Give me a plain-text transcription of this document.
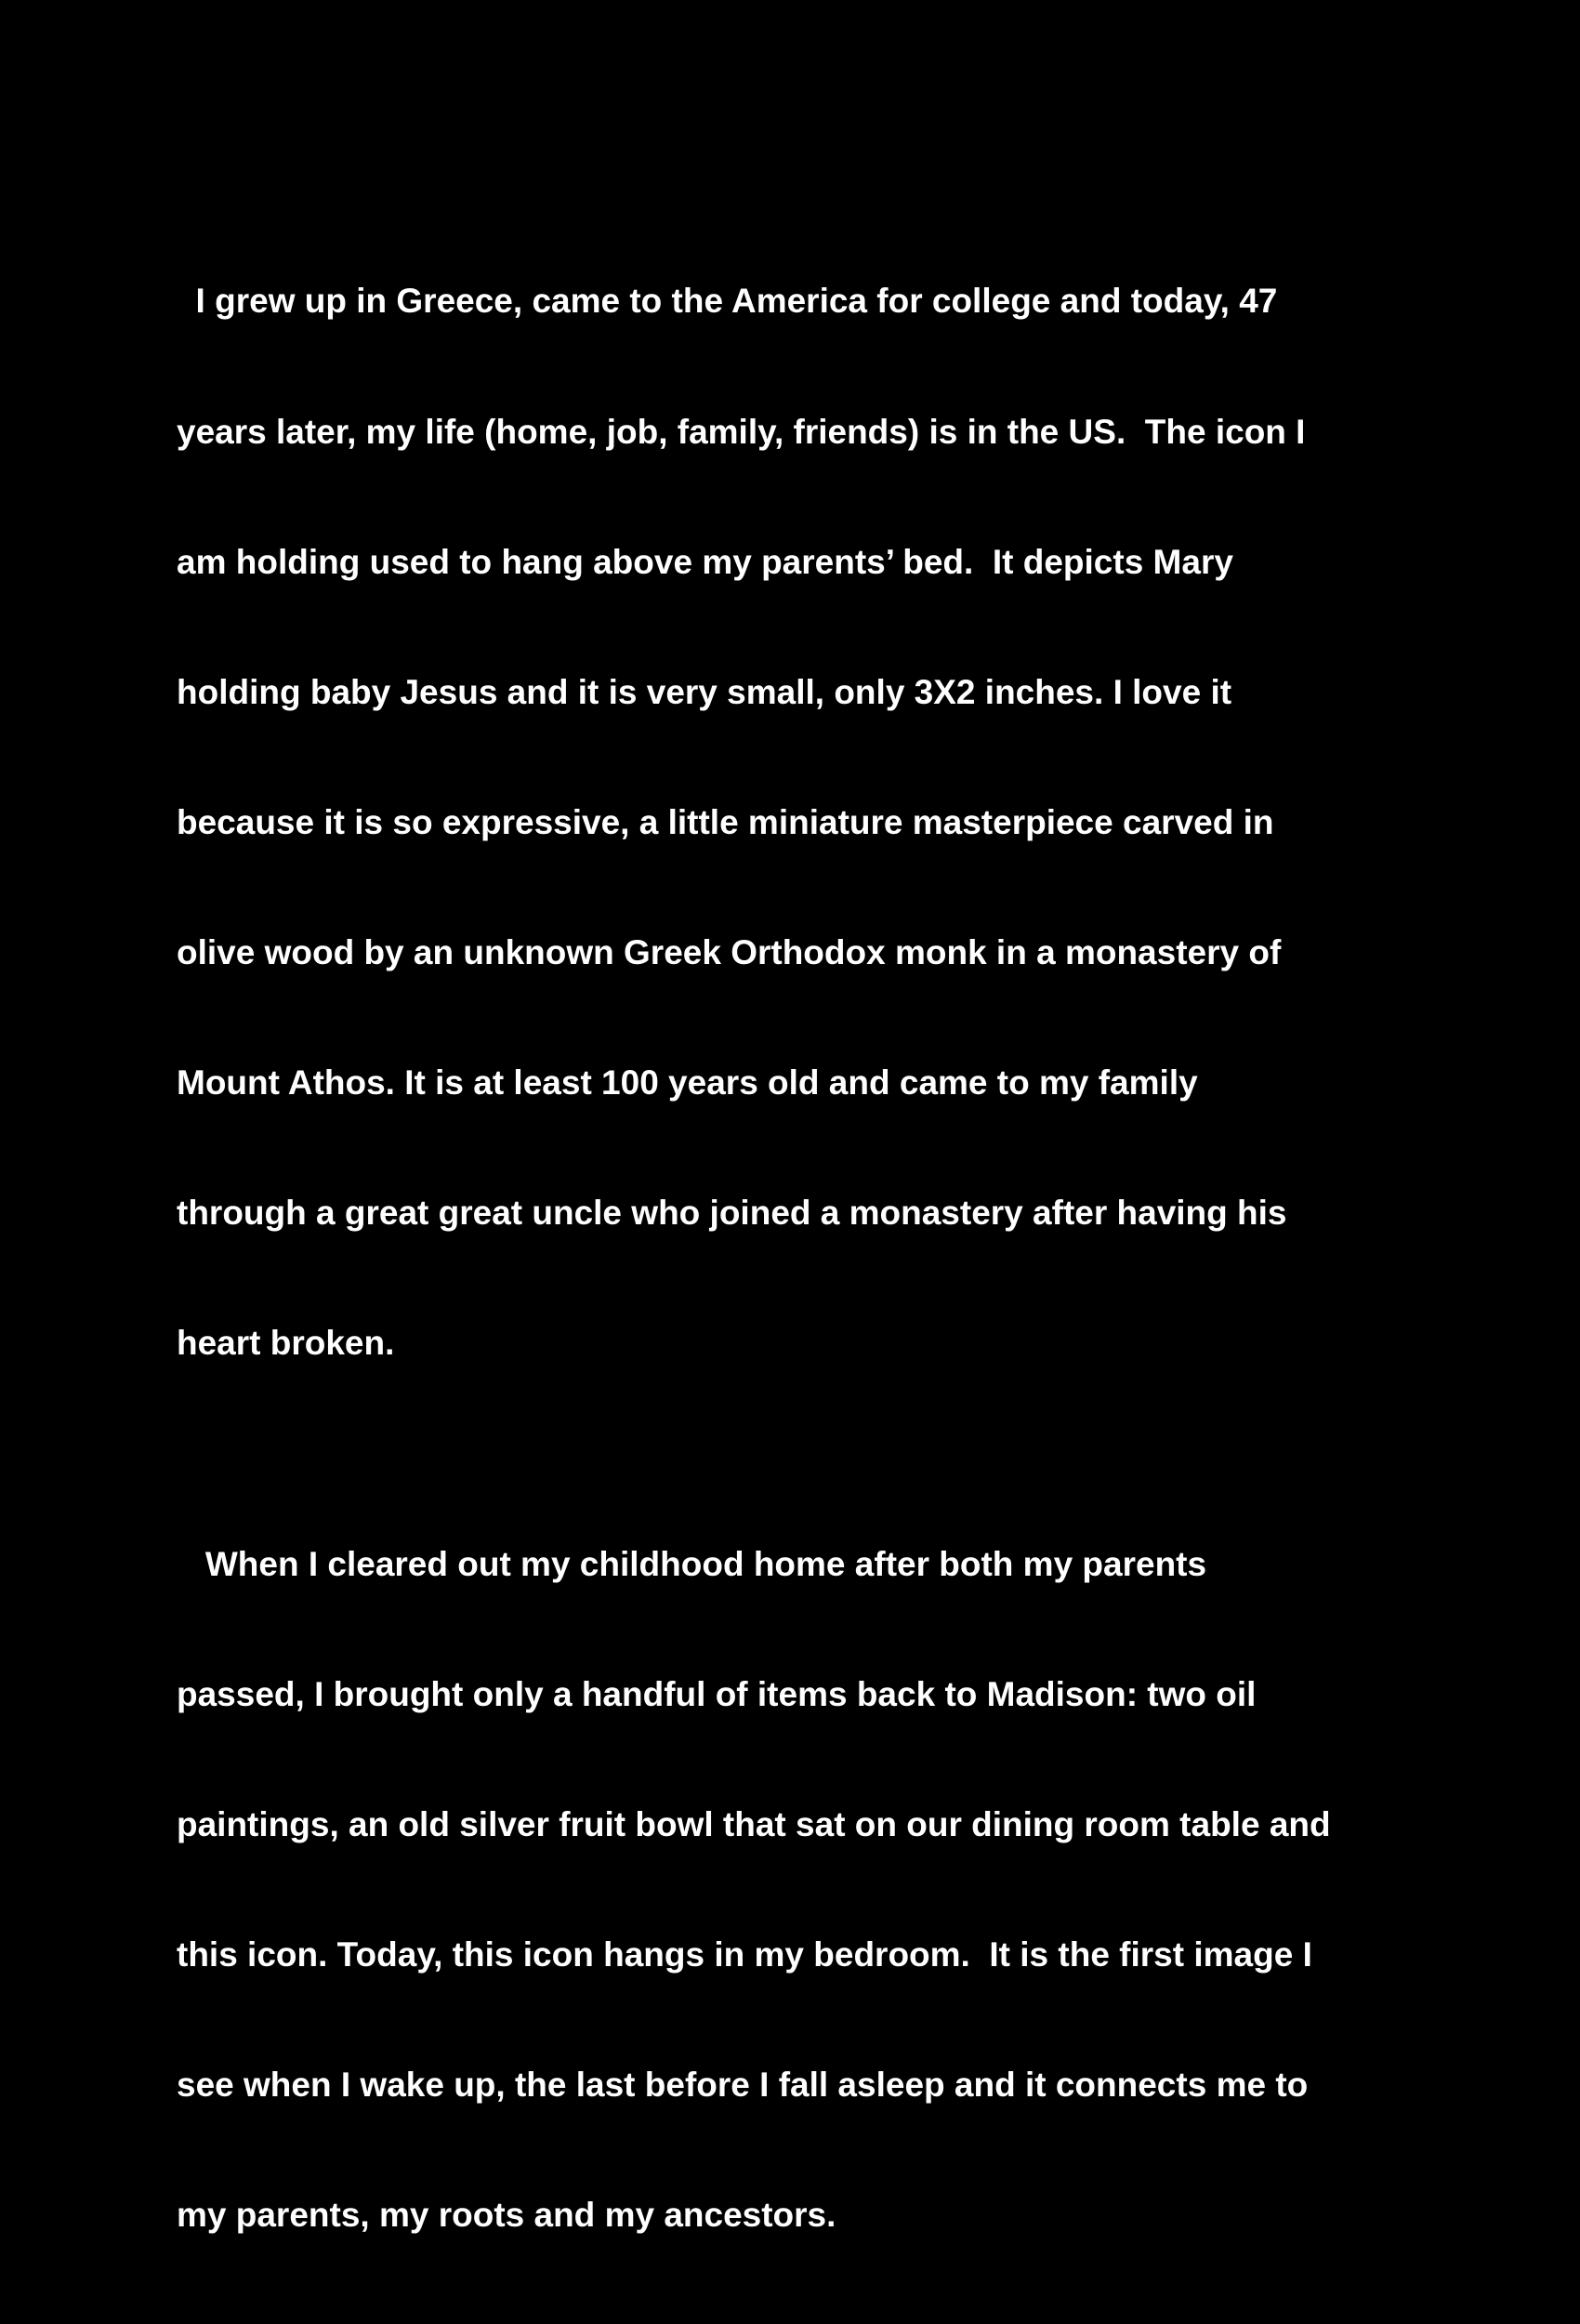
I grew up in Greece, came to the America for college and today, 47

years later, my life (home, job, family, friends) is in the US.  The icon I

am holding used to hang above my parents’ bed.  It depicts Mary

holding baby Jesus and it is very small, only 3X2 inches. I love it

because it is so expressive, a little miniature masterpiece carved in

olive wood by an unknown Greek Orthodox monk in a monastery of

Mount Athos. It is at least 100 years old and came to my family

through a great great uncle who joined a monastery after having his

heart broken.

When I cleared out my childhood home after both my parents

passed, I brought only a handful of items back to Madison: two oil

paintings, an old silver fruit bowl that sat on our dining room table and

this icon. Today, this icon hangs in my bedroom.  It is the first image I

see when I wake up, the last before I fall asleep and it connects me to

my parents, my roots and my ancestors.
